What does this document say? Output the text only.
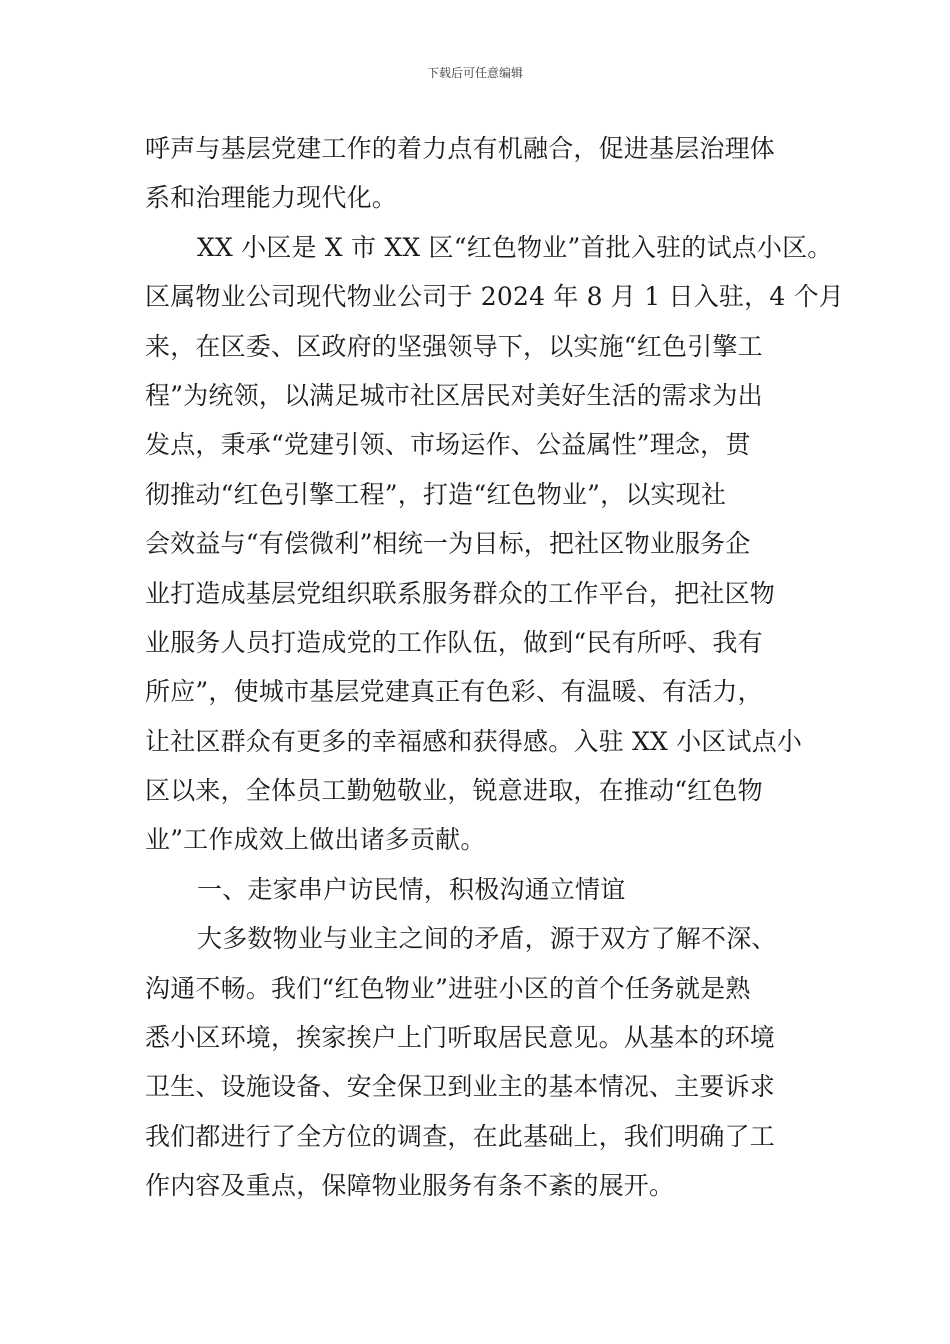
下载后可任意编辑
呼声与基层党建工作的着力点有机融合，促进基层治理体
系和治理能力现代化。
XX 小区是 X 市 XX 区“红色物业”首批入驻的试点小区。
区属物业公司现代物业公司于 2024 年 8 月 1 日入驻，4 个月
来，在区委、区政府的坚强领导下，以实施“红色引擎工
程”为统领，以满足城市社区居民对美好生活的需求为出
发点，秉承“党建引领、市场运作、公益属性”理念，贯
彻推动“红色引擎工程”，打造“红色物业”，以实现社
会效益与“有偿微利”相统一为目标，把社区物业服务企
业打造成基层党组织联系服务群众的工作平台，把社区物
业服务人员打造成党的工作队伍，做到“民有所呼、我有
所应”，使城市基层党建真正有色彩、有温暖、有活力，
让社区群众有更多的幸福感和获得感。入驻 XX 小区试点小
区以来，全体员工勤勉敬业，锐意进取，在推动“红色物
业”工作成效上做出诸多贡献。
一、走家串户访民情，积极沟通立情谊
大多数物业与业主之间的矛盾，源于双方了解不深、
沟通不畅。我们“红色物业”进驻小区的首个任务就是熟
悉小区环境，挨家挨户上门听取居民意见。从基本的环境
卫生、设施设备、安全保卫到业主的基本情况、主要诉求
我们都进行了全方位的调查，在此基础上，我们明确了工
作内容及重点，保障物业服务有条不紊的展开。
